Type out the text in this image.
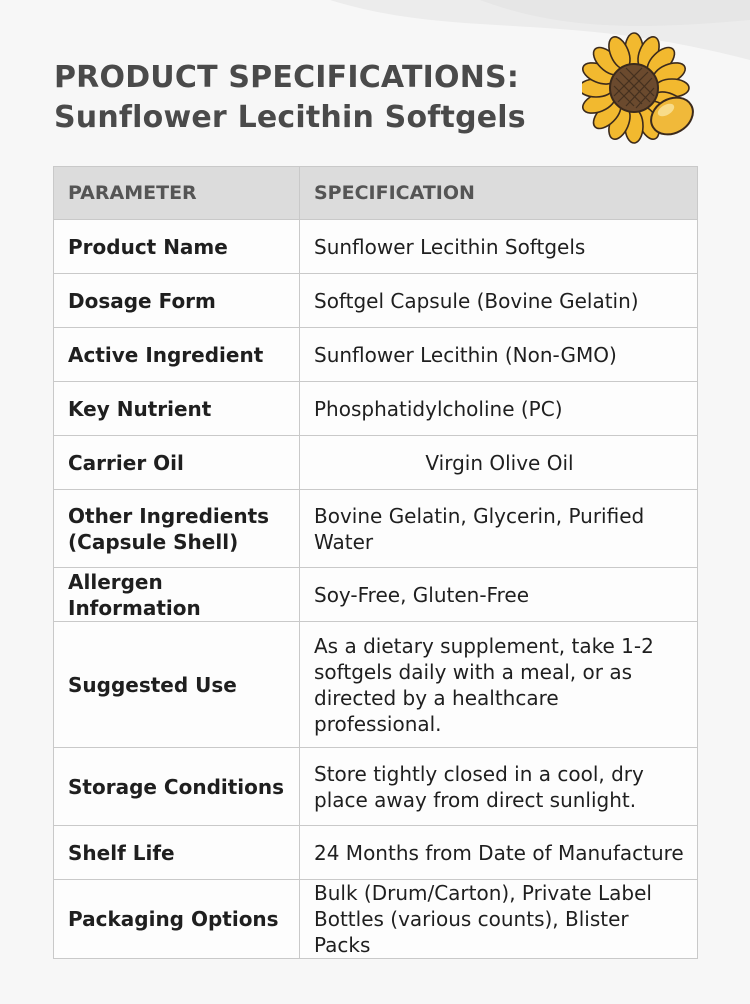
PRODUCT SPECIFICATIONS:
Sunflower Lecithin Softgels
PARAMETER	SPECIFICATION
Product Name	Sunflower Lecithin Softgels
Dosage Form	Softgel Capsule (Bovine Gelatin)
Active Ingredient	Sunflower Lecithin (Non-GMO)
Key Nutrient	Phosphatidylcholine (PC)
Carrier Oil	Virgin Olive Oil
Other Ingredients (Capsule Shell)	Bovine Gelatin, Glycerin, Purified Water
Allergen Information	Soy-Free, Gluten-Free
Suggested Use	As a dietary supplement, take 1-2 softgels daily with a meal, or as directed by a healthcare professional.
Storage Conditions	Store tightly closed in a cool, dry place away from direct sunlight.
Shelf Life	24 Months from Date of Manufacture
Packaging Options	Bulk (Drum/Carton), Private Label Bottles (various counts), Blister Packs
